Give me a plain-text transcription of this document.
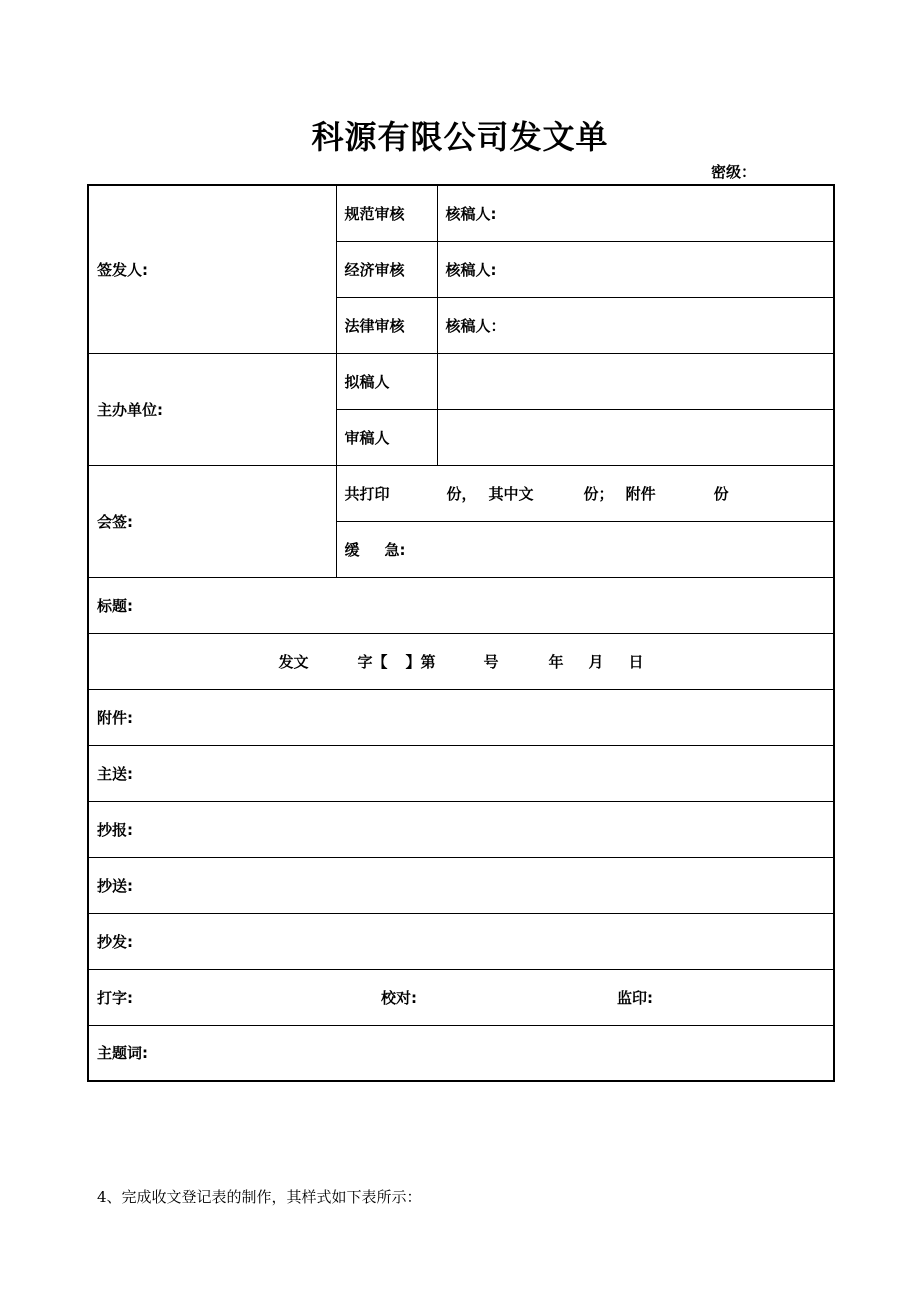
科源有限公司发文单
密级：
签发人:	规范审核	核稿人:
	经济审核	核稿人:
	法律审核	核稿人：
主办单位:	拟稿人	
	审稿人	
会签:	共打印 份， 其中文 份； 附件 份	
	缓 急:	
标题:		
发文 字【 】第 号 年 月 日		
附件:		
主送:		
抄报:		
抄送:		
抄发:		

打字: 校对: 监印:		

主题词:		
4、完成收文登记表的制作，其样式如下表所示：
